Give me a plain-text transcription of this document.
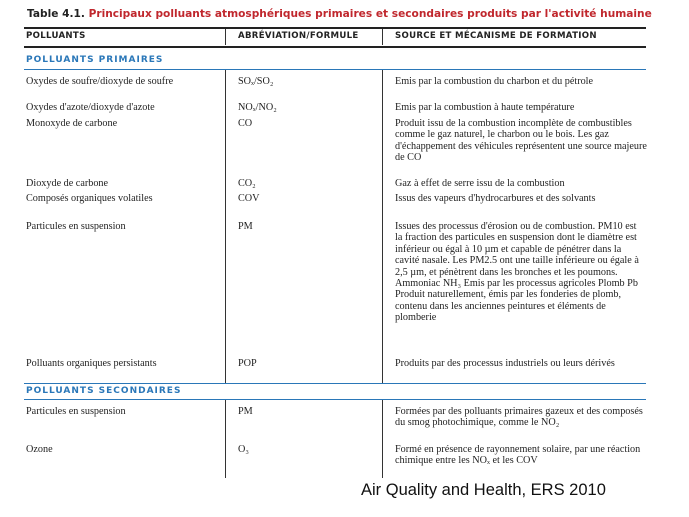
Table 4.1. Principaux polluants atmosphériques primaires et secondaires produits par l'activité humaine
POLLUANTS	ABRÉVIATION/FORMULE	SOURCE ET MÉCANISME DE FORMATION
POLLUANTS PRIMAIRES
Oxydes de soufre/dioxyde de soufre	SOₓ/SO₂	Emis par la combustion du charbon et du pétrole
Oxydes d'azote/dioxyde d'azote	NOₓ/NO₂	Emis par la combustion à haute température
Monoxyde de carbone	CO	Produit issu de la combustion incomplète de combustibles comme le gaz naturel, le charbon ou le bois. Les gaz d'échappement des véhicules représentent une source majeure de CO
Dioxyde de carbone	CO₂	Gaz à effet de serre issu de la combustion
Composés organiques volatiles	COV	Issus des vapeurs d'hydrocarbures et des solvants
Particules en suspension	PM	Issues des processus d'érosion ou de combustion. PM10 est la fraction des particules en suspension dont le diamètre est inférieur ou égal à 10 µm et capable de pénétrer dans la cavité nasale. Les PM2.5 ont une taille inférieure ou égale à 2,5 µm, et pénètrent dans les bronches et les poumons. Ammoniac NH₃ Emis par les processus agricoles Plomb Pb Produit naturellement, émis par les fonderies de plomb, contenu dans les anciennes peintures et éléments de plomberie
Polluants organiques persistants	POP	Produits par des processus industriels ou leurs dérivés
POLLUANTS SECONDAIRES
Particules en suspension	PM	Formées par des polluants primaires gazeux et des composés du smog photochimique, comme le NO₂
Ozone	O₃	Formé en présence de rayonnement solaire, par une réaction chimique entre les NOₓ et les COV
Air Quality and Health, ERS 2010
